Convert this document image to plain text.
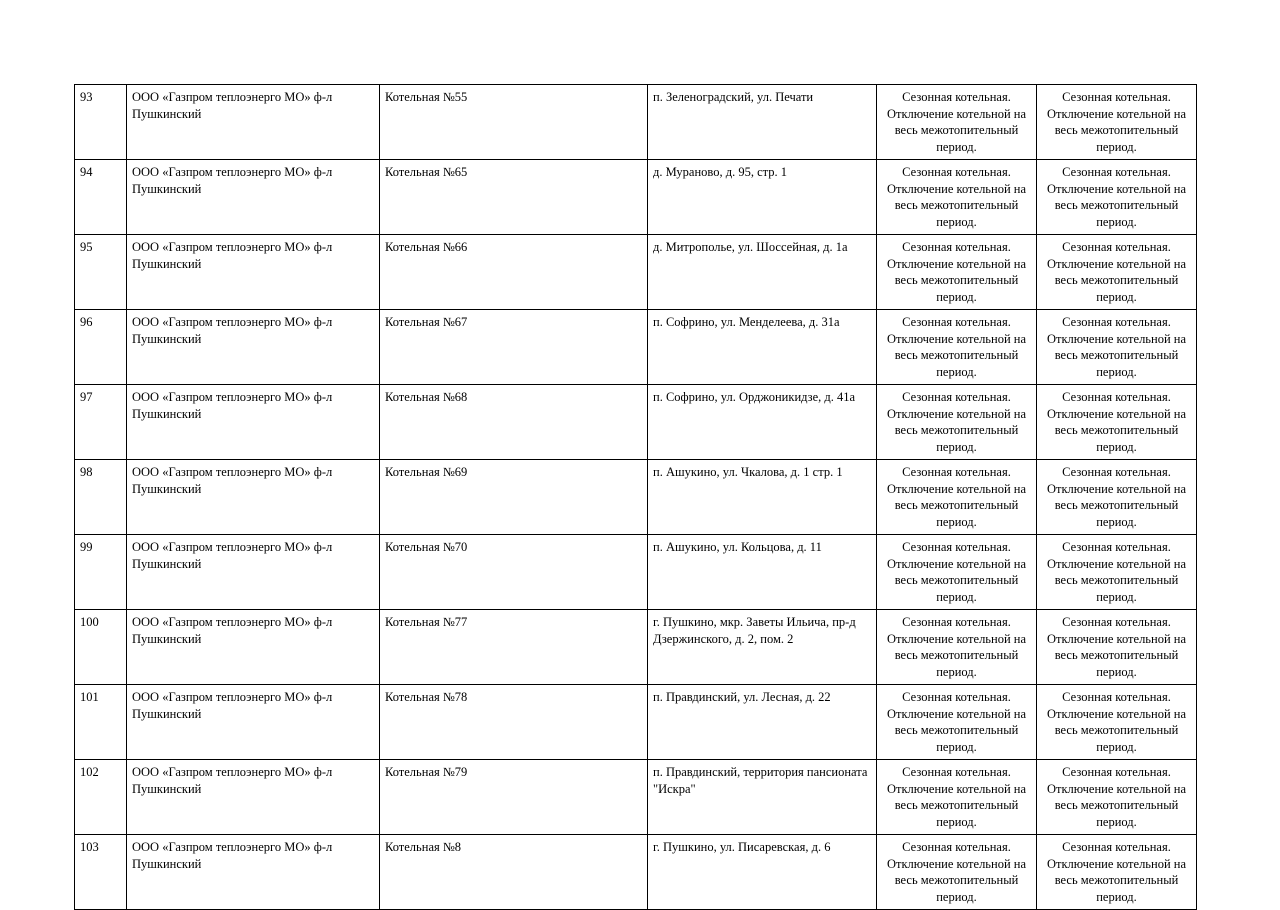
93	ООО «Газпром теплоэнерго МО» ф-л Пушкинский	Котельная №55	п. Зеленоградский, ул. Печати	Сезонная котельная. Отключение котельной на весь межотопительный период.	Сезонная котельная. Отключение котельной на весь межотопительный период.
94	ООО «Газпром теплоэнерго МО» ф-л Пушкинский	Котельная №65	д. Мураново, д. 95, стр. 1	Сезонная котельная. Отключение котельной на весь межотопительный период.	Сезонная котельная. Отключение котельной на весь межотопительный период.
95	ООО «Газпром теплоэнерго МО» ф-л Пушкинский	Котельная №66	д. Митрополье, ул. Шоссейная, д. 1а	Сезонная котельная. Отключение котельной на весь межотопительный период.	Сезонная котельная. Отключение котельной на весь межотопительный период.
96	ООО «Газпром теплоэнерго МО» ф-л Пушкинский	Котельная №67	п. Софрино, ул. Менделеева, д. 31а	Сезонная котельная. Отключение котельной на весь межотопительный период.	Сезонная котельная. Отключение котельной на весь межотопительный период.
97	ООО «Газпром теплоэнерго МО» ф-л Пушкинский	Котельная №68	п. Софрино, ул. Орджоникидзе, д. 41а	Сезонная котельная. Отключение котельной на весь межотопительный период.	Сезонная котельная. Отключение котельной на весь межотопительный период.
98	ООО «Газпром теплоэнерго МО» ф-л Пушкинский	Котельная №69	п. Ашукино, ул. Чкалова, д. 1 стр. 1	Сезонная котельная. Отключение котельной на весь межотопительный период.	Сезонная котельная. Отключение котельной на весь межотопительный период.
99	ООО «Газпром теплоэнерго МО» ф-л Пушкинский	Котельная №70	п. Ашукино, ул. Кольцова, д. 11	Сезонная котельная. Отключение котельной на весь межотопительный период.	Сезонная котельная. Отключение котельной на весь межотопительный период.
100	ООО «Газпром теплоэнерго МО» ф-л Пушкинский	Котельная №77	г. Пушкино, мкр. Заветы Ильича, пр-д Дзержинского, д. 2, пом. 2	Сезонная котельная. Отключение котельной на весь межотопительный период.	Сезонная котельная. Отключение котельной на весь межотопительный период.
101	ООО «Газпром теплоэнерго МО» ф-л Пушкинский	Котельная №78	п. Правдинский, ул. Лесная, д. 22	Сезонная котельная. Отключение котельной на весь межотопительный период.	Сезонная котельная. Отключение котельной на весь межотопительный период.
102	ООО «Газпром теплоэнерго МО» ф-л Пушкинский	Котельная №79	п. Правдинский, территория пансионата "Искра"	Сезонная котельная. Отключение котельной на весь межотопительный период.	Сезонная котельная. Отключение котельной на весь межотопительный период.
103	ООО «Газпром теплоэнерго МО» ф-л Пушкинский	Котельная №8	г. Пушкино, ул. Писаревская, д. 6	Сезонная котельная. Отключение котельной на весь межотопительный период.	Сезонная котельная. Отключение котельной на весь межотопительный период.
